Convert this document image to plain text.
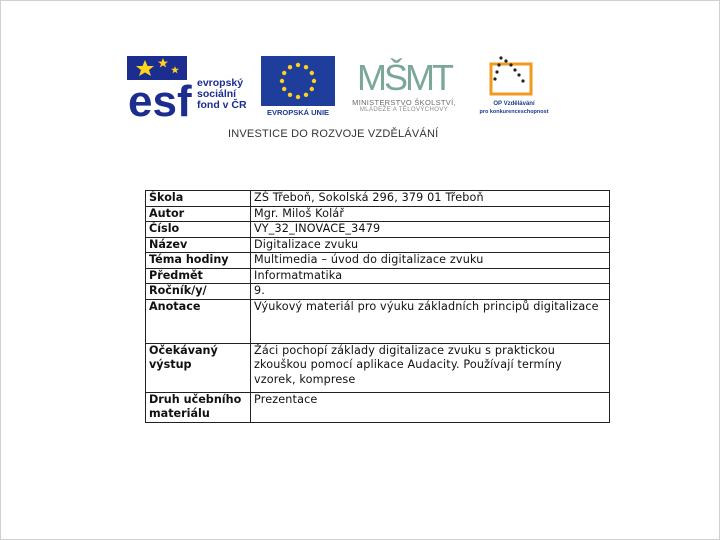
esf evropský
sociální
fond v ČR
EVROPSKÁ UNIE
MŠMT
MINISTERSTVO ŠKOLSTVÍ,
MLÁDEŽE A TĚLOVÝCHOVY
OP Vzdělávání
pro konkurenceschopnost
INVESTICE DO ROZVOJE VZDĚLÁVÁNÍ
Škola	ZŠ Třeboň, Sokolská 296, 379 01 Třeboň
Autor	Mgr. Miloš Kolář
Číslo	VY_32_INOVACE_3479
Název	Digitalizace zvuku
Téma hodiny	Multimedia – úvod do digitalizace zvuku
Předmět	Informatmatika
Ročník/y/	9.
Anotace	Výukový materiál pro výuku základních principů digitalizace
Očekávaný výstup	Žáci pochopí základy digitalizace zvuku s praktickou zkouškou pomocí aplikace Audacity. Používají termíny vzorek, komprese
Druh učebního materiálu	Prezentace
